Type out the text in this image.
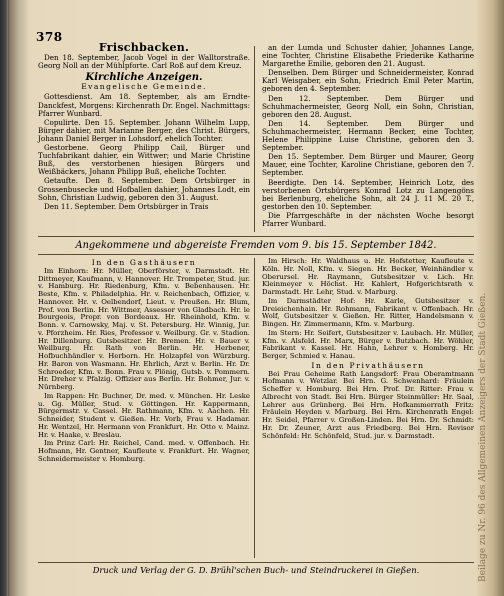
Beilage zu Nr. 96 des Allgemeinen Anzeigers der Stadt Gießen.
378
Frischbacken.

Den 18. September, Jacob Vogel in der Walltorstraße. Georg Noll an der Mühlpforte. Carl Roß auf dem Kreuz.

Kirchliche Anzeigen.
Evangelische Gemeinde.

Gottesdienst. Am 18. September, als am Erndte-Danckfest, Morgens: Kirchenrath Dr. Engel. Nachmittags: Pfarrer Wunbard.

Copulirte. Den 15. September. Johann Wilhelm Lupp, Bürger dahier, mit Marianne Berger, des Christ. Bürgers, Johann Daniel Berger in Lohsdorf, ehelich Tochter.

Gestorbene. Georg Philipp Cail, Bürger und Tuchfabrikant dahier, ein Wittwer; und Marie Christine Buß, des verstorbenen hiesigen Bürgers und Weißbäckers, Johann Philipp Buß, eheliche Tochter.

Getaufte. Den 8. September. Dem Ortsbürger in Grossenbusecke und Hofballen dahier, Johannes Lodt, ein Sohn, Christian Ludwig, geboren den 31. August.

Den 11. September. Dem Ortsbürger in Trais

an der Lumda und Schuster dahier, Johannes Lange, eine Tochter, Christine Elisabethe Friederike Katharine Margarethe Emilie, geboren den 21. August.

Denselben. Dem Bürger und Schneidermeister, Konrad Karl Weisgaber, ein Sohn, Friedrich Emil Peter Martin, geboren den 4. September.

Den 12. September. Dem Bürger und Schuhmachermeister, Georg Noll, ein Sohn, Christian, geboren den 28. August.

Den 14. September. Dem Bürger und Schuhmachermeister, Hermann Becker, eine Tochter, Helene Philippine Luise Christine, geboren den 3. September.

Den 15. September. Dem Bürger und Maurer, Georg Mauer, eine Tochter, Karoline Christiane, geboren den 7. September.

Beerdigte. Den 14. September, Heinrich Lotz, des verstorbenen Ortsbürgers Konrad Lotz zu Langengöns bei Berlenburg, eheliche Sohn, alt 24 J. 11 M. 20 T., gestorben den 10. September.

Die Pfarrgeschäfte in der nächsten Woche besorgt Pfarrer Wunbard.

Angekommene und abgereiste Fremden vom 9. bis 15. September 1842.
In den Gasthäusern

Im Einhorn: Hr. Müller, Oberförster, v. Darmstadt. Hr. Dittmeyer, Kaufmann, v. Hannover. Hr. Trompeter, Stud. jur. v. Hamburg. Hr. Riedenburg, Kfm. v. Bebenhausen. Hr. Beste, Kfm. v. Philadelphia. Hr. v. Reichenbach, Offizier, v. Hannover. Hr. v. Oelbendorf, Lieut. v. Preußen. Hr. Blum, Prof. von Berlin. Hr. Wittmer, Assessor von Gladbach. Hr. le Bourgeois, Propr. von Bordeaux. Hr. Rheinhold, Kfm. v. Bonn. v. Carnowsky, Maj. v. St. Petersburg. Hr. Winnig, Jur. v. Pforzheim. Hr. Ries, Professor v. Weilburg. Gr. v. Stadion. Hr. Dillenburg. Gutsbesitzer. Hr. Bremen. Hr. v. Bauer v. Weilburg. Hr. Rath von Berlin. Hr. Herbener, Hofbuchhändler v. Herborn. Hr. Holzapfel von Würzburg. Hr. Baron von Wasmann. Hr. Ehrlich, Arzt v. Berlin. Hr. Dr. Schroeder, Kfm. v. Bonn. Frau v. Plönig, Gutsb. v. Pommern. Hr. Dreher v. Pfalzig. Offizier aus Berlin. Hr. Bohmer, Jur. v. Nürnberg.

Im Rappen: Hr. Buchner, Dr. med. v. München. Hr. Leske u. Gg. Müller, Stud. v. Göttingen. Hr. Kappermann, Bürgermstr. v. Cassel. Hr. Rathmann, Kfm. v. Aachen. Hr. Schneider, Student v. Gießen. Hr. Vorb, Frau v. Hadamar. Hr. Wentzel, Hr. Hermann von Frankfurt. Hr. Otto v. Mainz. Hr. v. Haake, v. Breslau.

Im Prinz Carl: Hr. Reichel, Cand. med. v. Offenbach. Hr. Hofmann, Hr. Gentner, Kaufleute v. Frankfurt. Hr. Wagner, Schneidermeister v. Homburg.

Im Hirsch: Hr. Waldhaus u. Hr. Hofstetter, Kaufleute v. Köln. Hr. Noll, Kfm. v. Siegen. Hr. Becker, Weinhändler v. Oberursel. Hr. Raymann, Gutsbesitzer v. Lich. Hr. Kleinmeyer v. Höchst. Hr. Kahlert, Hofgerichtsrath v. Darmstadt. Hr. Lehr, Stud. v. Marburg.

Im Darmstädter Hof: Hr. Karle, Gutsbesitzer v. Dreieichenhain. Hr. Rohmann, Fabrikant v. Offenbach. Hr. Wolf, Gutsbesitzer v. Gießen. Hr. Ritter, Handelsmann v. Bingen. Hr. Zimmermann, Kfm. v. Marburg.

Im Stern: Hr. Seifert, Gutsbesitzer v. Laubach. Hr. Müller, Kfm. v. Alsfeld. Hr. Marx, Bürger v. Butzbach. Hr. Wöhler, Fabrikant v. Kassel. Hr. Hahn, Lehrer v. Homberg. Hr. Berger, Schmied v. Hanau.

In den Privathäusern

Bei Frau Geheime Rath Langsdorf: Frau Oberamtmann Hofmann v. Wetzlar. Bei Hrn. G. Schwenhard: Fräulein Scheffer v. Homburg. Bei Hrn. Prof. Dr. Ritter: Frau v. Albrecht von Stadt. Bei Hrn. Bürger Steinmüller: Hr. Saal, Lehrer aus Grünberg. Bei Hrn. Hofkammerrath Fritz: Fräulein Heyden v. Marburg. Bei Hrn. Kirchenrath Engel: Hr. Seidel, Pfarrer v. Großen-Linden. Bei Hrn. Dr. Schmidt: Hr. Dr. Zeuner, Arzt aus Friedberg. Bei Hrn. Revisor Schönfeld: Hr. Schönfeld, Stud. jur. v. Darmstadt.

Druck und Verlag der G. D. Brühl'schen Buch- und Steindruckerei in Gießen.
